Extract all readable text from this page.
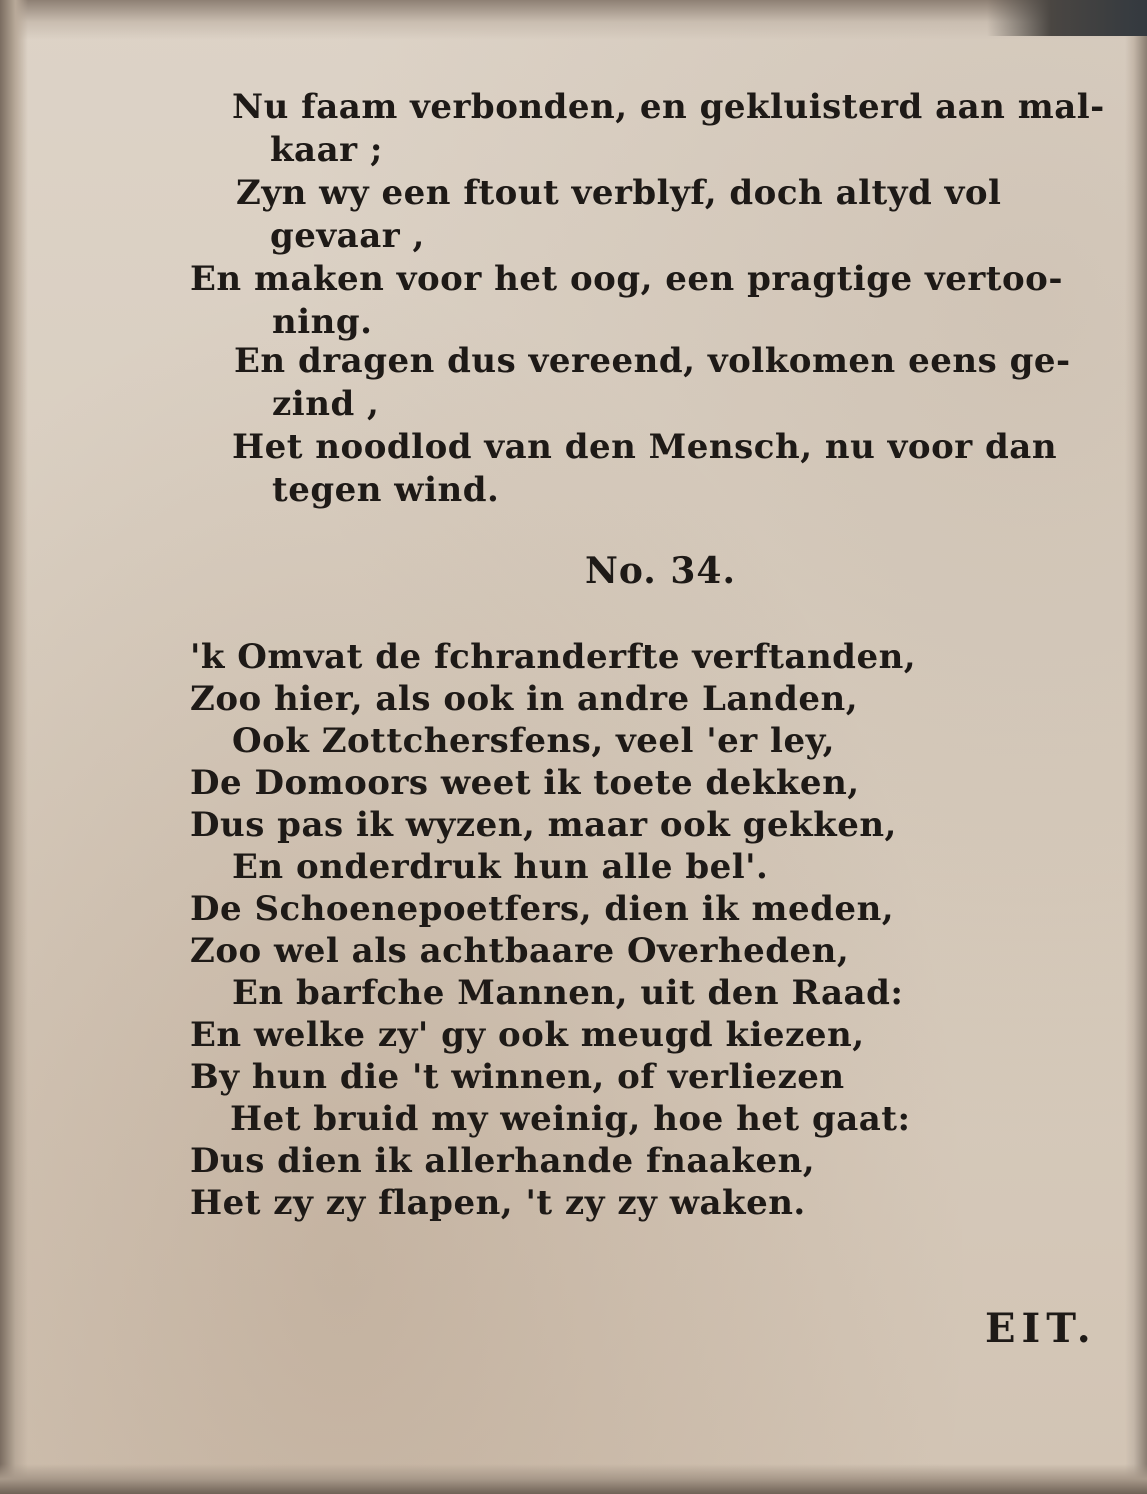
Nu faam verbonden, en gekluisterd aan mal-
kaar ;
Zyn wy een ftout verblyf, doch altyd vol
gevaar ,
En maken voor het oog, een pragtige vertoo-
ning.
En dragen dus vereend, volkomen eens ge-
zind ,
Het noodlod van den Mensch, nu voor dan
tegen wind.
'k Omvat de fchranderfte verftanden,
Zoo hier, als ook in andre Landen,
Ook Zottchersfens, veel 'er ley,
De Domoors weet ik toete dekken,
Dus pas ik wyzen, maar ook gekken,
En onderdruk hun alle bel'.
De Schoenepoetfers, dien ik meden,
Zoo wel als achtbaare Overheden,
En barfche Mannen, uit den Raad:
En welke zy' gy ook meugd kiezen,
By hun die 't winnen, of verliezen
Het bruid my weinig, hoe het gaat:
Dus dien ik allerhande fnaaken,
Het zy zy flapen, 't zy zy waken.
No. 34.
EIT.
